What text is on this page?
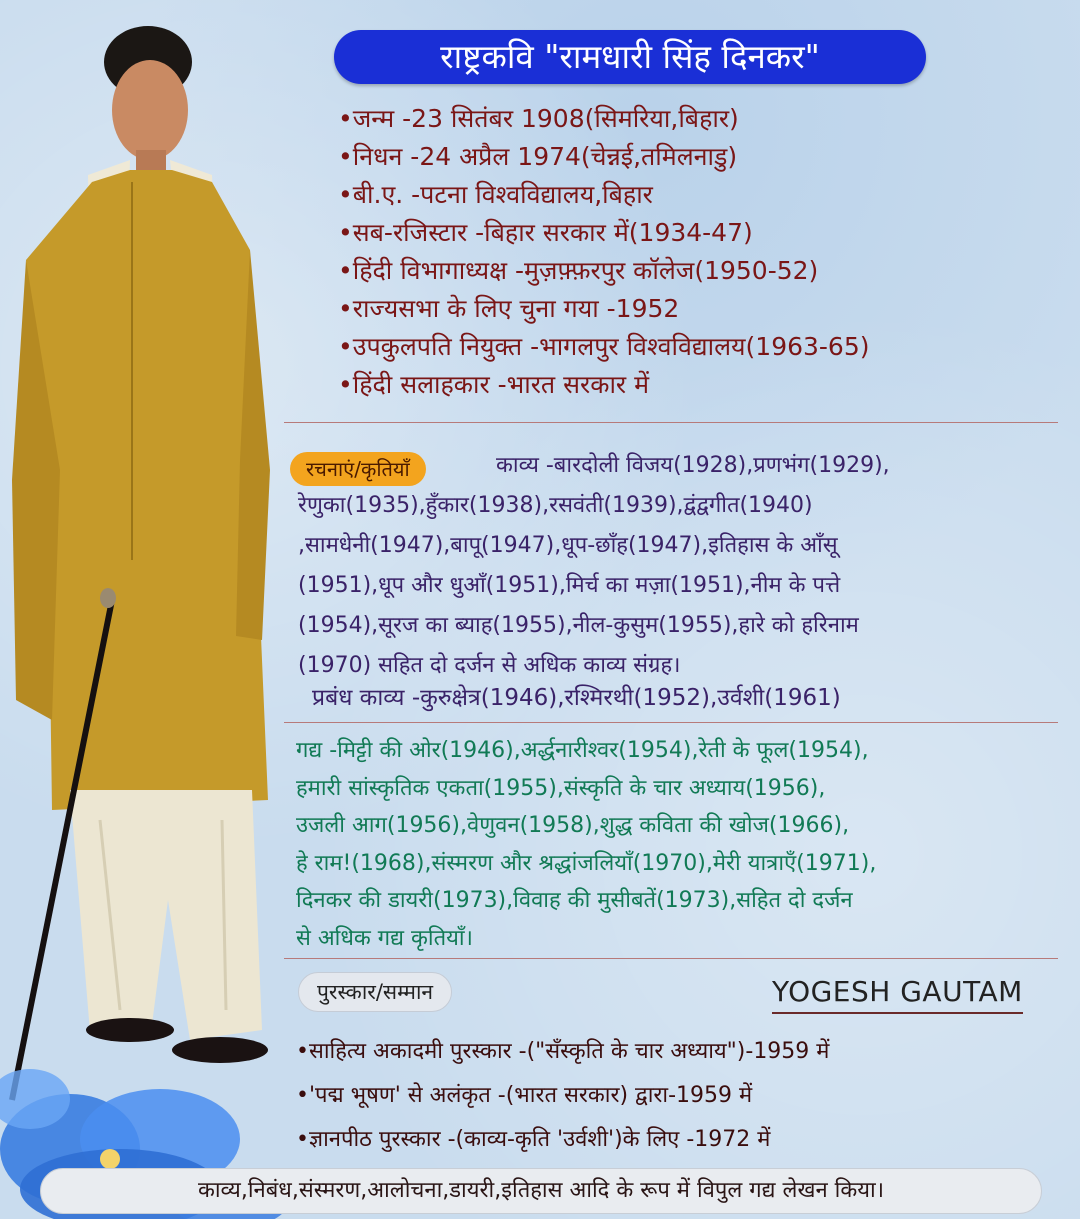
राष्ट्रकवि "रामधारी सिंह दिनकर"
•जन्म -23 सितंबर 1908(सिमरिया,बिहार)
•निधन -24 अप्रैल 1974(चेन्नई,तमिलनाडु)
•बी.ए. -पटना विश्वविद्यालय,बिहार
•सब-रजिस्टार -बिहार सरकार में(1934-47)
•हिंदी विभागाध्यक्ष -मुज़फ़्फ़रपुर कॉलेज(1950-52)
•राज्यसभा के लिए चुना गया -1952
•उपकुलपति नियुक्त -भागलपुर विश्वविद्यालय(1963-65)
•हिंदी सलाहकार -भारत सरकार में
रचनाएं/कृतियाँ	काव्य -बारदोली विजय(1928),प्रणभंग(1929),
रेणुका(1935),हुँकार(1938),रसवंती(1939),द्वंद्वगीत(1940)
,सामधेनी(1947),बापू(1947),धूप-छाँह(1947),इतिहास के आँसू
(1951),धूप और धुआँ(1951),मिर्च का मज़ा(1951),नीम के पत्ते
(1954),सूरज का ब्याह(1955),नील-कुसुम(1955),हारे को हरिनाम
(1970) सहित दो दर्जन से अधिक काव्य संग्रह।
प्रबंध काव्य -कुरुक्षेत्र(1946),रश्मिरथी(1952),उर्वशी(1961)
गद्य -मिट्टी की ओर(1946),अर्द्धनारीश्वर(1954),रेती के फूल(1954),
हमारी सांस्कृतिक एकता(1955),संस्कृति के चार अध्याय(1956),
उजली आग(1956),वेणुवन(1958),शुद्ध कविता की खोज(1966),
हे राम!(1968),संस्मरण और श्रद्धांजलियाँ(1970),मेरी यात्राएँ(1971),
दिनकर की डायरी(1973),विवाह की मुसीबतें(1973),सहित दो दर्जन
से अधिक गद्य कृतियाँ।
पुरस्कार/सम्मान	YOGESH GAUTAM
•साहित्य अकादमी पुरस्कार -("सँस्कृति के चार अध्याय")-1959 में
•'पद्म भूषण' से अलंकृत -(भारत सरकार) द्वारा-1959 में
•ज्ञानपीठ पुरस्कार -(काव्य-कृति 'उर्वशी')के लिए -1972 में
काव्य,निबंध,संस्मरण,आलोचना,डायरी,इतिहास आदि के रूप में विपुल गद्य लेखन किया।
